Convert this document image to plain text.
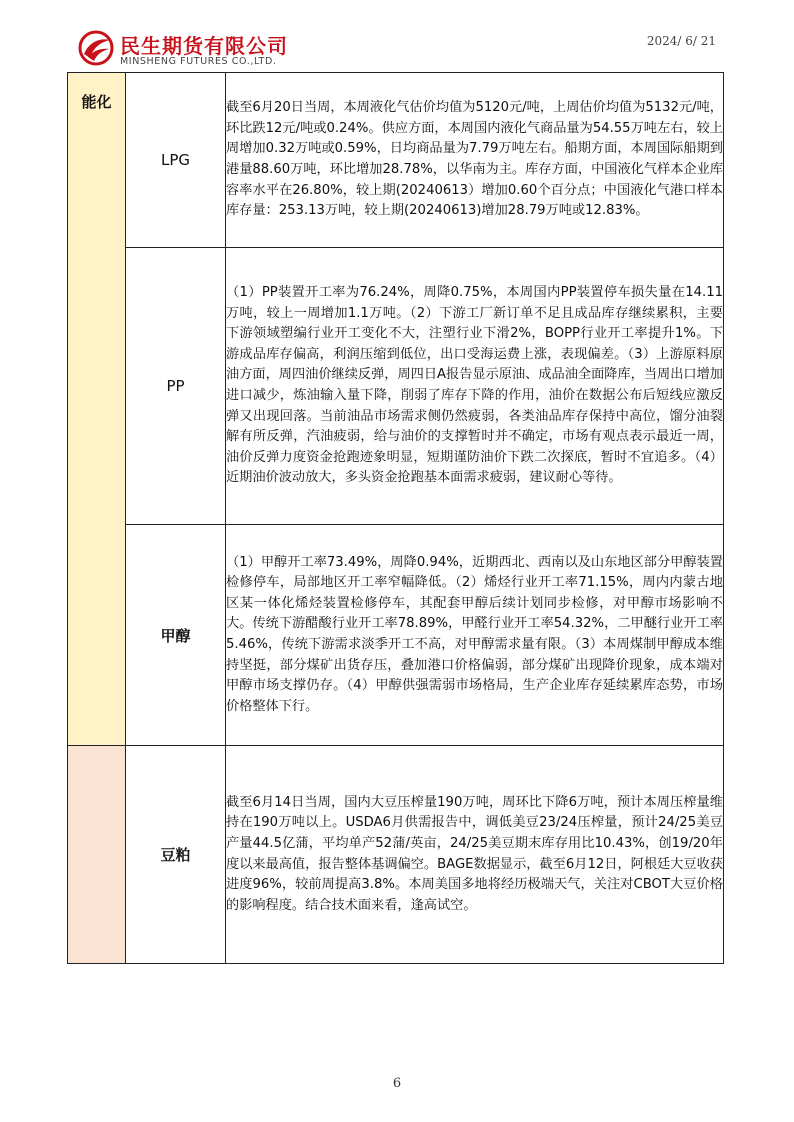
民生期货有限公司
MINSHENG FUTURES CO.,LTD.
2024/ 6/ 21
能化	LPG	截至6月20日当周，本周液化气估价均值为5120元/吨，上周估价均值为5132元/吨，环比跌12元/吨或0.24%。供应方面，本周国内液化气商品量为54.55万吨左右，较上周增加0.32万吨或0.59%，日均商品量为7.79万吨左右。船期方面，本周国际船期到港量88.60万吨，环比增加28.78%，以华南为主。库存方面，中国液化气样本企业库容率水平在26.80%，较上期(20240613）增加0.60个百分点；中国液化气港口样本库存量：253.13万吨，较上期(20240613)增加28.79万吨或12.83%。
	PP	（1）PP装置开工率为76.24%，周降0.75%，本周国内PP装置停车损失量在14.11万吨，较上一周增加1.1万吨。（2）下游工厂新订单不足且成品库存继续累积，主要下游领域塑编行业开工变化不大，注塑行业下滑2%，BOPP行业开工率提升1%。下游成品库存偏高，利润压缩到低位，出口受海运费上涨，表现偏差。（3）上游原料原油方面，周四油价继续反弹，周四日A报告显示原油、成品油全面降库，当周出口增加进口减少，炼油输入量下降，削弱了库存下降的作用，油价在数据公布后短线应激反弹又出现回落。当前油品市场需求侧仍然疲弱，各类油品库存保持中高位，馏分油裂解有所反弹，汽油疲弱，给与油价的支撑暂时并不确定，市场有观点表示最近一周，油价反弹力度资金抢跑迹象明显，短期谨防油价下跌二次探底，暂时不宜追多。（4）近期油价波动放大，多头资金抢跑基本面需求疲弱，建议耐心等待。
	甲醇	（1）甲醇开工率73.49%，周降0.94%，近期西北、西南以及山东地区部分甲醇装置检修停车，局部地区开工率窄幅降低。（2）烯烃行业开工率71.15%，周内内蒙古地区某一体化烯烃装置检修停车，其配套甲醇后续计划同步检修，对甲醇市场影响不大。传统下游醋酸行业开工率78.89%，甲醛行业开工率54.32%，二甲醚行业开工率5.46%，传统下游需求淡季开工不高，对甲醇需求量有限。（3）本周煤制甲醇成本维持坚挺，部分煤矿出货存压，叠加港口价格偏弱，部分煤矿出现降价现象，成本端对甲醇市场支撑仍存。（4）甲醇供强需弱市场格局，生产企业库存延续累库态势，市场价格整体下行。
	豆粕	截至6月14日当周，国内大豆压榨量190万吨，周环比下降6万吨，预计本周压榨量维持在190万吨以上。USDA6月供需报告中，调低美豆23/24压榨量，预计24/25美豆产量44.5亿蒲，平均单产52蒲/英亩，24/25美豆期末库存用比10.43%，创19/20年度以来最高值，报告整体基调偏空。BAGE数据显示，截至6月12日，阿根廷大豆收获进度96%，较前周提高3.8%。本周美国多地将经历极端天气，关注对CBOT大豆价格的影响程度。结合技术面来看，逢高试空。
6
